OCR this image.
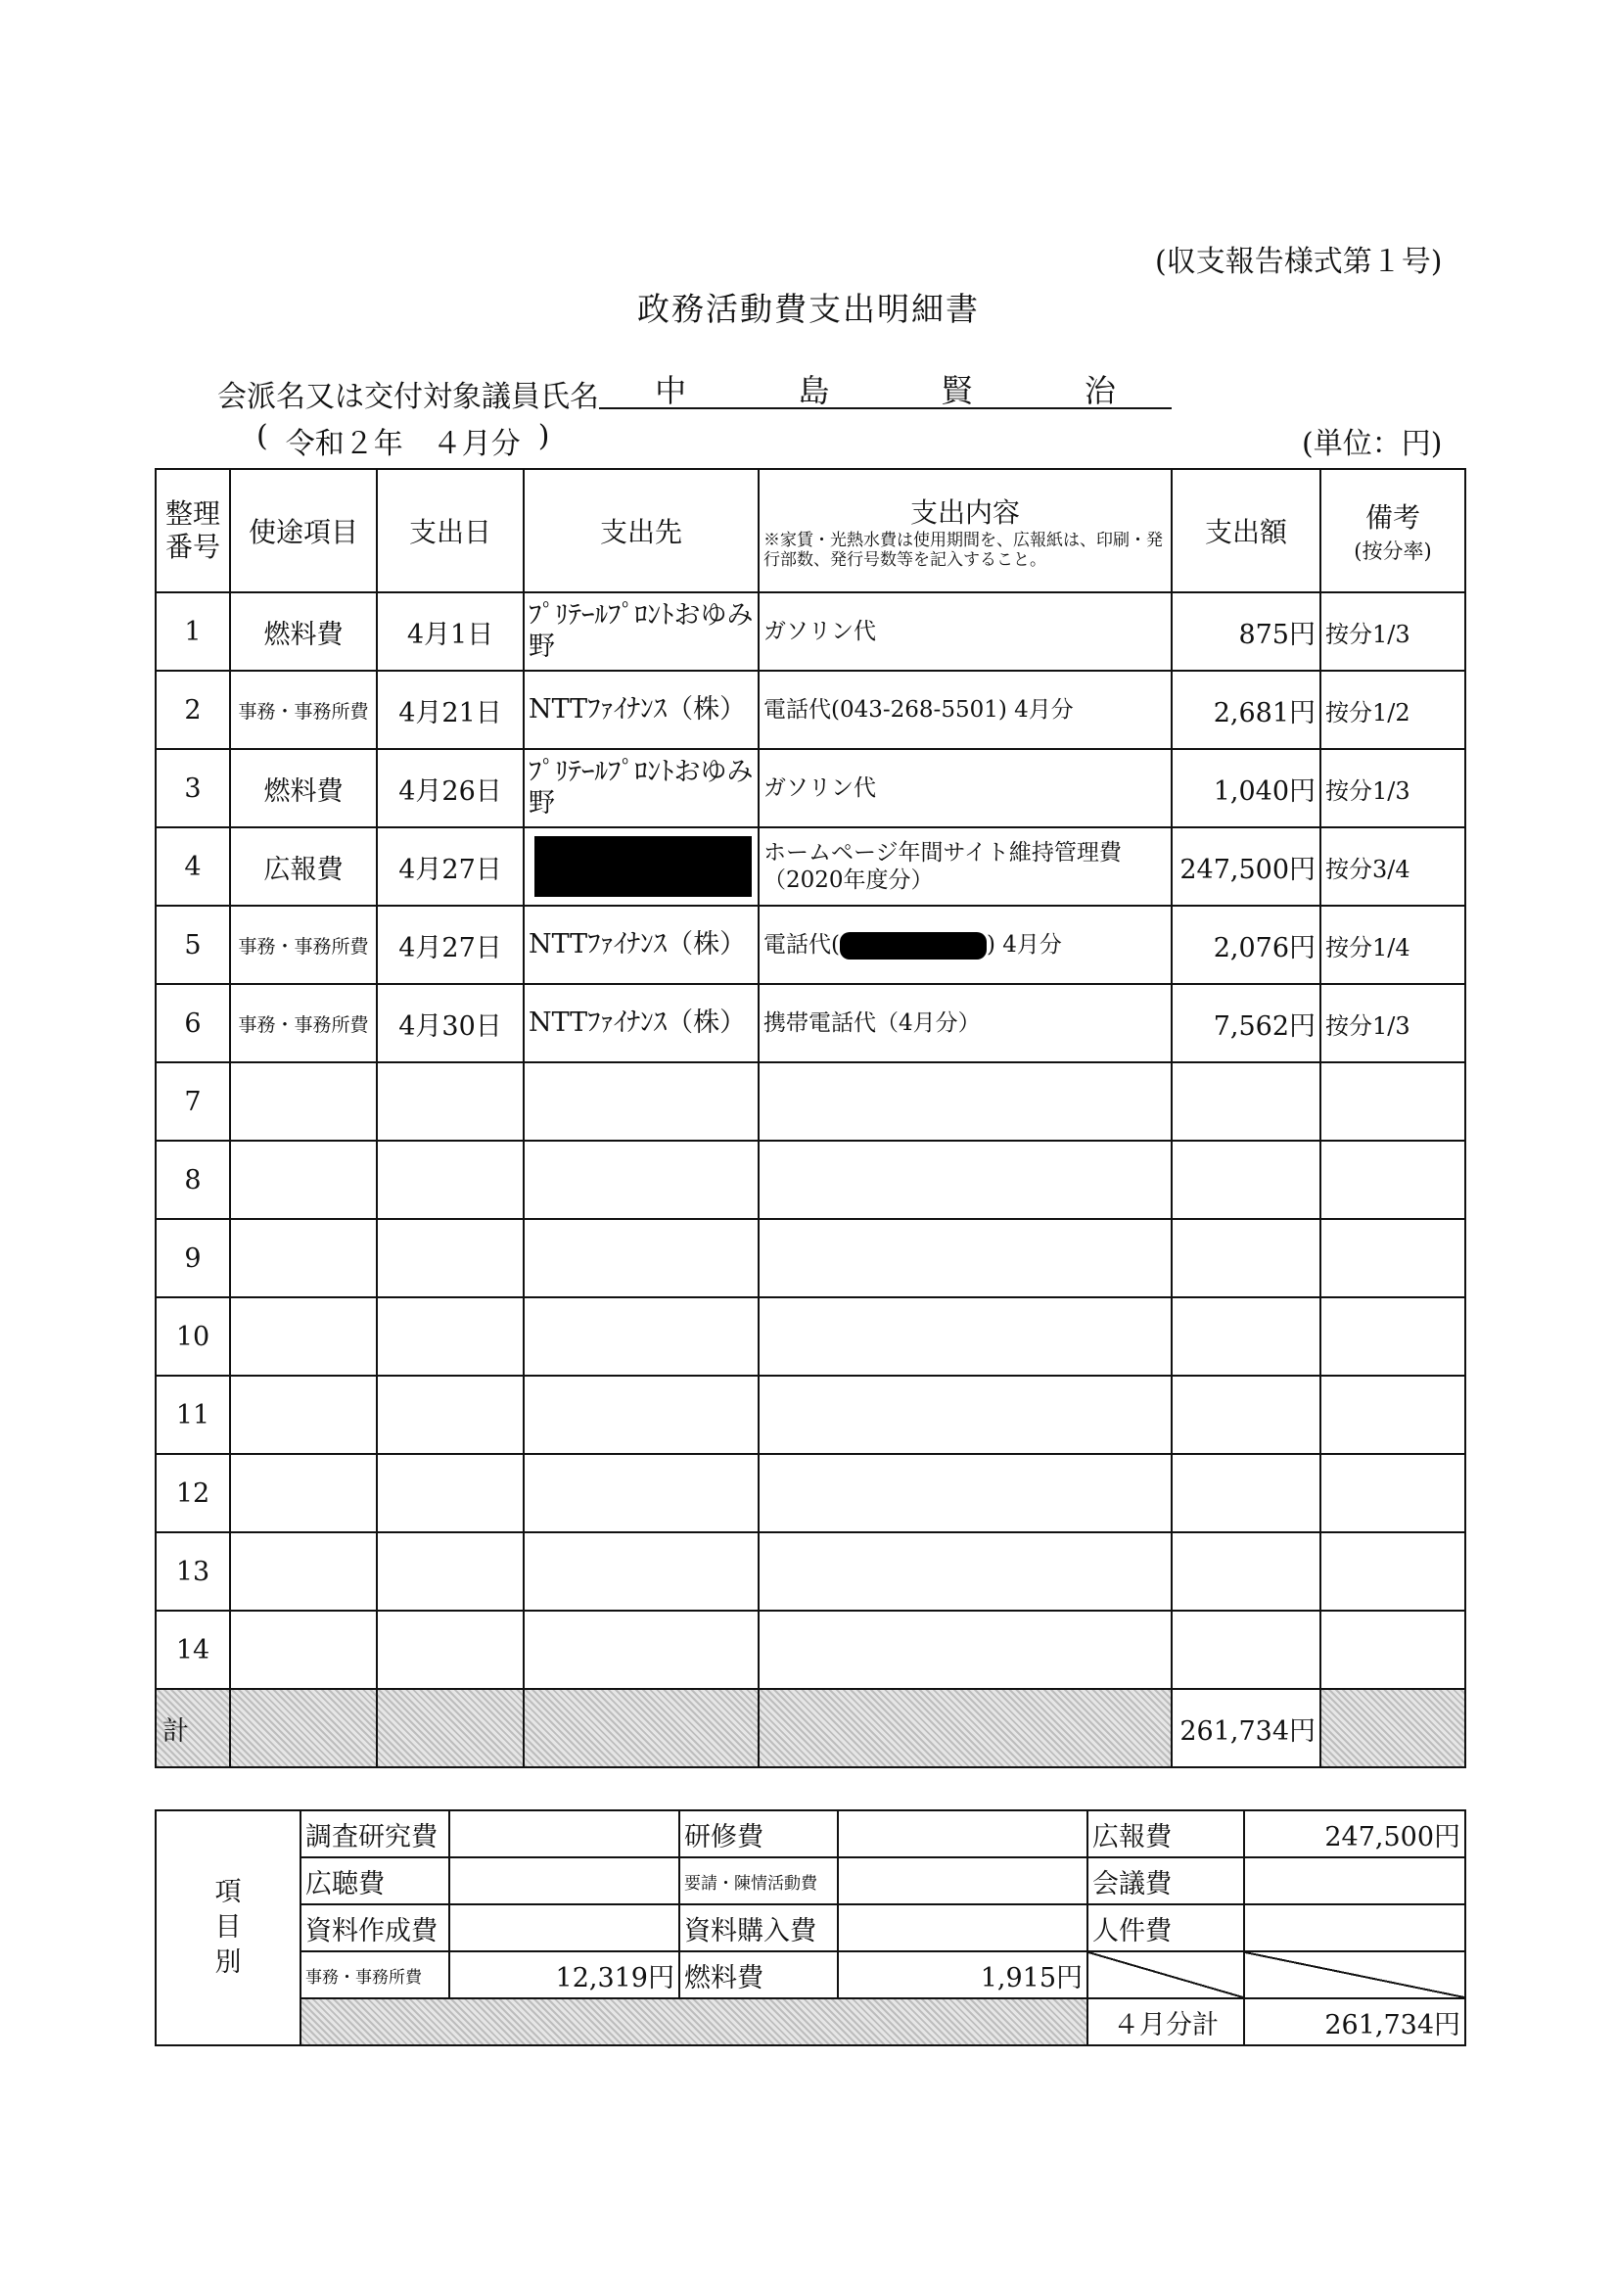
(収支報告様式第１号)
政務活動費支出明細書
会派名又は交付対象議員氏名 中	島	賢	治
( 令和２年　４月分 )	(単位：円)
整理番号	使途項目	支出日	支出先	支出内容
※家賃・光熱水費は使用期間を、広報紙は、印刷・発行部数、発行号数等を記入すること。	支出額	備考
(按分率)

1	燃料費	4月1日	ﾌﾟﾘﾃｰﾙﾌﾟﾛﾝﾄおゆみ野	ガソリン代	875円	按分1/3
2	事務・事務所費	4月21日	NTTﾌｧｲﾅﾝｽ（株）	電話代(043-268-5501) 4月分	2,681円	按分1/2
3	燃料費	4月26日	ﾌﾟﾘﾃｰﾙﾌﾟﾛﾝﾄおゆみ野	ガソリン代	1,040円	按分1/3
4	広報費	4月27日		ホームページ年間サイト維持管理費（2020年度分）	247,500円	按分3/4
5	事務・事務所費	4月27日	NTTﾌｧｲﾅﾝｽ（株）	電話代( ) 4月分	2,076円	按分1/4
6	事務・事務所費	4月30日	NTTﾌｧｲﾅﾝｽ（株）	携帯電話代（4月分）	7,562円	按分1/3
7						
8						
9						
10						
11						
12						
13						
14						
計					261,734円	
項
目
別	調査研究費		研修費		広報費	247,500円
	広聴費		要請・陳情活動費		会議費	
	資料作成費		資料購入費		人件費	
	事務・事務所費	12,319円	燃料費	1,915円		
					４月分計	261,734円
